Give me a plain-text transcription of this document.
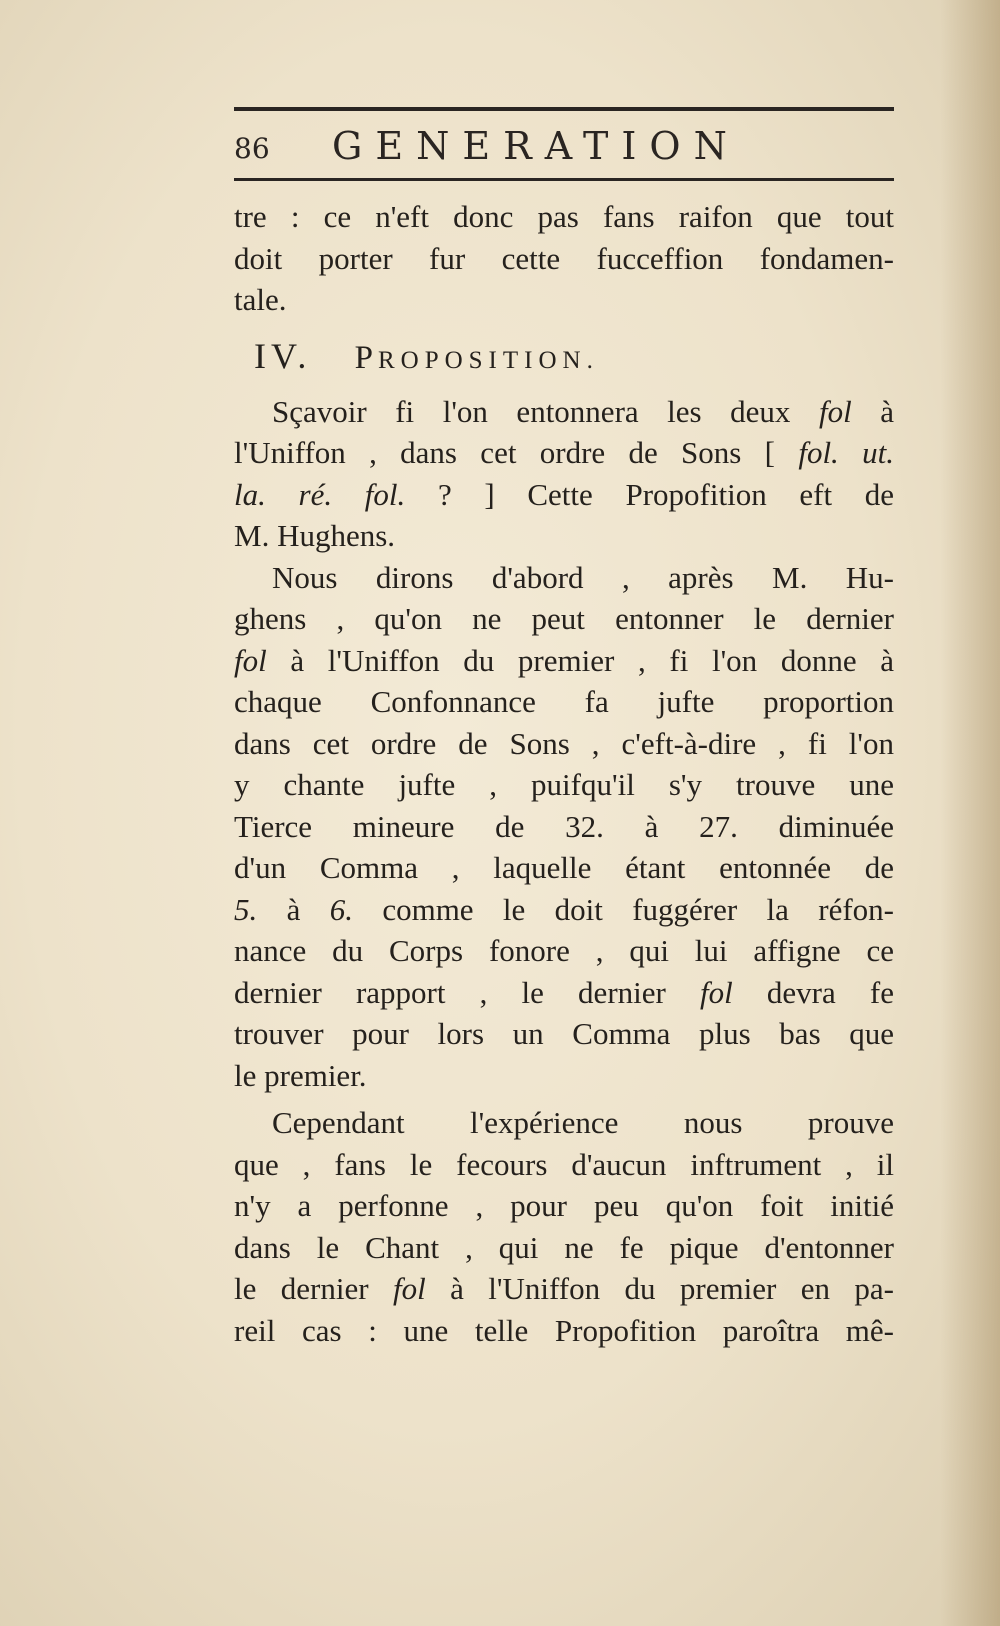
86 GENERATION
tre : ce n'eft donc pas fans raifon que tout
doit porter fur cette fucceffion fondamen-
tale.
IV. PROPOSITION.
Sçavoir fi l'on entonnera les deux fol à
l'Uniffon , dans cet ordre de Sons [ fol. ut.
la. ré. fol. ? ] Cette Propofition eft de
M. Hughens.
Nous dirons d'abord , après M. Hu-
ghens , qu'on ne peut entonner le dernier
fol à l'Uniffon du premier , fi l'on donne à
chaque Confonnance fa jufte proportion
dans cet ordre de Sons , c'eft-à-dire , fi l'on
y chante jufte , puifqu'il s'y trouve une
Tierce mineure de 32. à 27. diminuée
d'un Comma , laquelle étant entonnée de
5. à 6. comme le doit fuggérer la réfon-
nance du Corps fonore , qui lui affigne ce
dernier rapport , le dernier fol devra fe
trouver pour lors un Comma plus bas que
le premier.
Cependant l'expérience nous prouve
que , fans le fecours d'aucun inftrument , il
n'y a perfonne , pour peu qu'on foit initié
dans le Chant , qui ne fe pique d'entonner
le dernier fol à l'Uniffon du premier en pa-
reil cas : une telle Propofition paroîtra mê-
